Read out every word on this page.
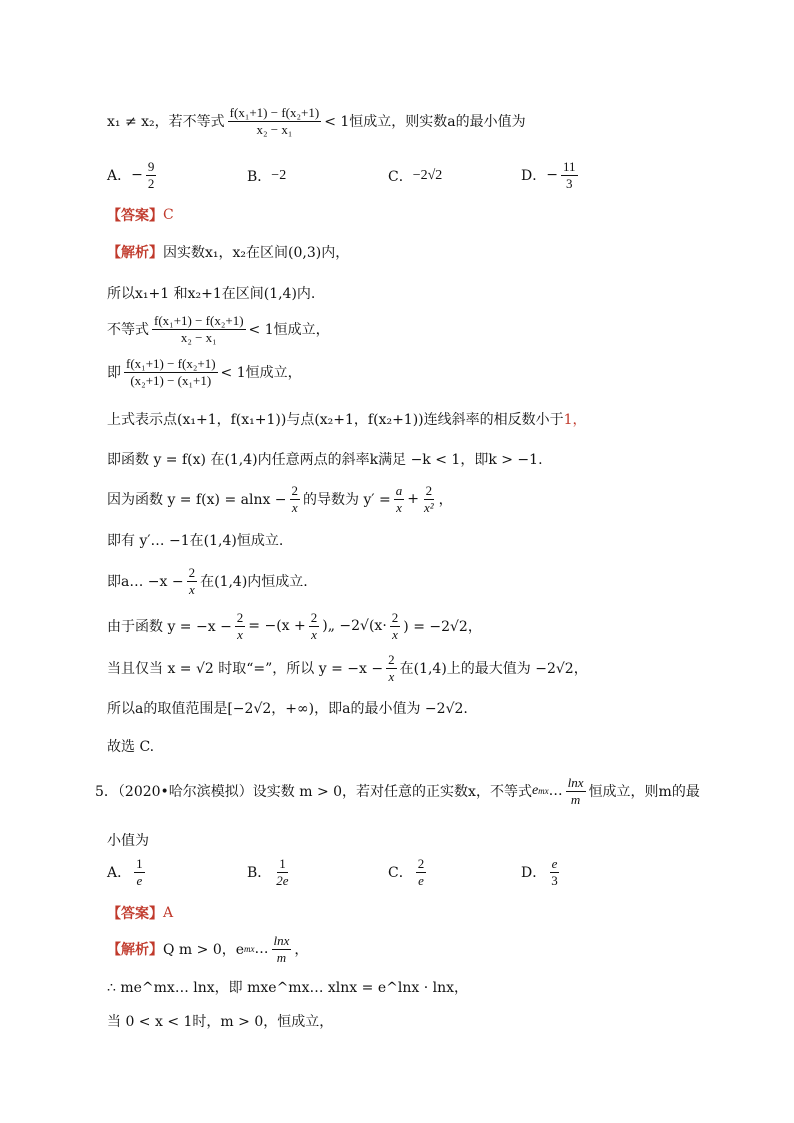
x₁ ≠ x₂，若不等式 $\frac{\text{f(x₁+1) − f(x₂+1)}}{\text{x₂ − x₁}} < 1$恒成立，则实数a的最小值为
A． − $\frac{9}{2}$	B． −2	C． −2√2	D． − $\frac{11}{3}$
【答案】 C
【解析】 因实数x₁，x₂在区间(0,3)内，
所以x₁+1 和x₂+1在区间(1,4)内.
不等式 $\frac{\text{f(x₁+1) − f(x₂+1)}}{\text{x₂ − x₁}} < 1$恒成立，
即 $\frac{\text{f(x₁+1) − f(x₂+1)}}{\text{(x₂+1) − (x₁+1)}} < 1$恒成立，
上式表示点(x₁+1，f(x₁+1))与点(x₂+1，f(x₂+1))连线斜率的相反数小于 1，
即函数 y = f(x) 在(1,4)内任意两点的斜率k满足 −k < 1，即k > −1.
因为函数 $y = f(x) = alnx - \frac{2}{x}$ 的导数为 $y' = \frac{a}{x} + \frac{2}{\text{x²}}$ ，
即有 y′… −1在(1,4)恒成立.
即a… $-x - \frac{2}{x}$ 在(1,4)内恒成立.
由于函数 $y = -x - \frac{2}{x} = -(x + \frac{2}{x}$ )„ $-2√(x\cdot \frac{2}{x}$ ) = −2√2，
当且仅当 x = √2 时取“=”，所以 $y = -x - \frac{2}{x}$ 在(1,4)上的最大值为 −2√2，
所以a的取值范围是[−2√2，+∞)，即a的最小值为 −2√2.
故选 C.
5．（2020•哈尔滨模拟）设实数 m > 0，若对任意的正实数x，不等式 e mx … $\frac{\ln x}{m}$ 恒成立，则m的最
小值为
A． $\frac{1}{e}$	B． $\frac{1}{2e}$	C． $\frac{2}{e}$	D． $\frac{e}{3}$
【答案】 A
【解析】 Q m > 0，e mx … $\frac{\ln x}{m}$ ，
∴ me^mx… lnx，即 mxe^mx… xlnx = e^lnx · lnx，
当 0 < x < 1时，m > 0，恒成立，
